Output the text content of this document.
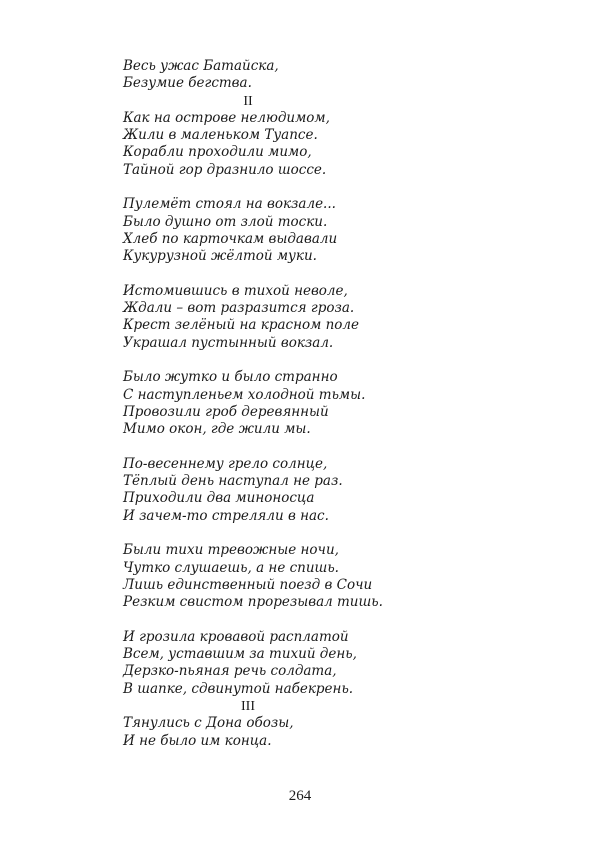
Весь ужас Батайска,
Безумие бегства.
II
Как на острове нелюдимом,
Жили в маленьком Туапсе.
Корабли проходили мимо,
Тайной гор дразнило шоссе.
Пулемёт стоял на вокзале...
Было душно от злой тоски.
Хлеб по карточкам выдавали
Кукурузной жёлтой муки.
Истомившись в тихой неволе,
Ждали – вот разразится гроза.
Крест зелёный на красном поле
Украшал пустынный вокзал.
Было жутко и было странно
С наступленьем холодной тьмы.
Провозили гроб деревянный
Мимо окон, где жили мы.
По-весеннему грело солнце,
Тёплый день наступал не раз.
Приходили два миноносца
И зачем-то стреляли в нас.
Были тихи тревожные ночи,
Чутко слушаешь, а не спишь.
Лишь единственный поезд в Сочи
Резким свистом прорезывал тишь.
И грозила кровавой расплатой
Всем, уставшим за тихий день,
Дерзко-пьяная речь солдата,
В шапке, сдвинутой набекрень.
III
Тянулись с Дона обозы,
И не было им конца.
264
